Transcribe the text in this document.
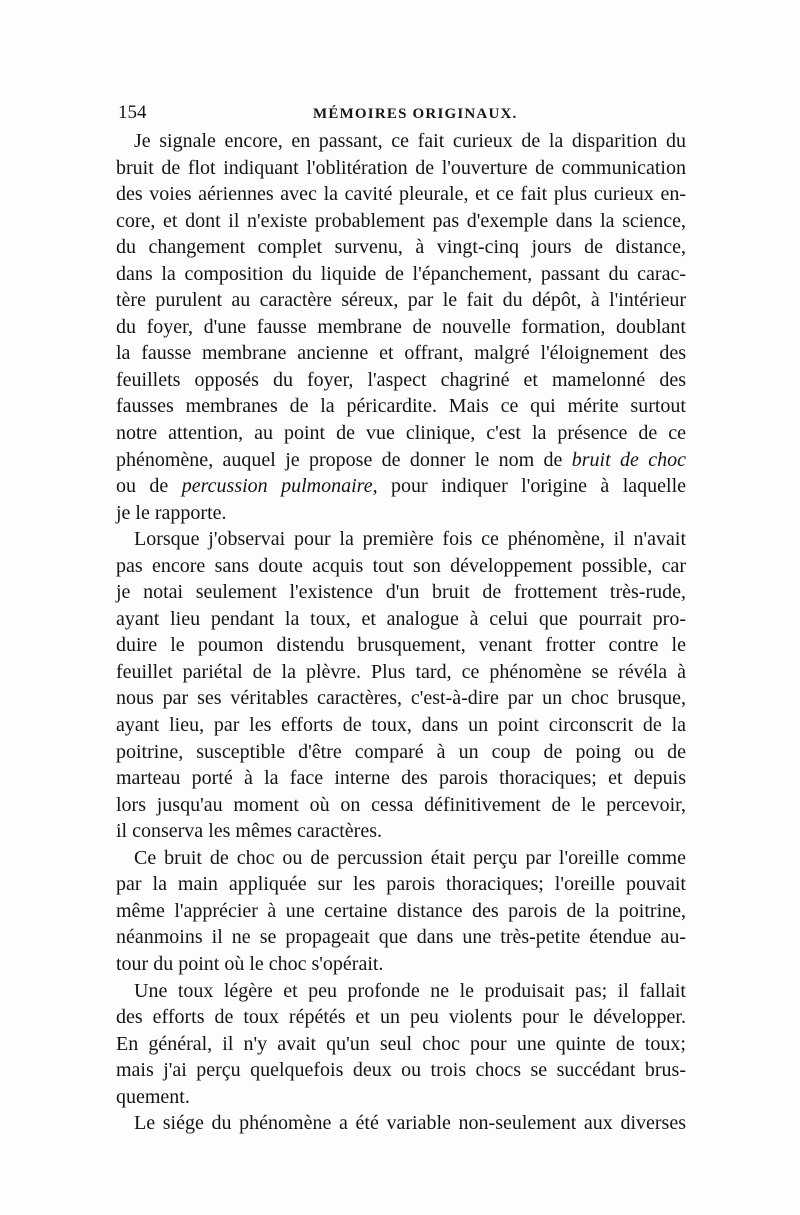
154	MÉMOIRES ORIGINAUX.

Je signale encore, en passant, ce fait curieux de la disparition du
bruit de flot indiquant l'oblitération de l'ouverture de communication
des voies aériennes avec la cavité pleurale, et ce fait plus curieux en-
core, et dont il n'existe probablement pas d'exemple dans la science,
du changement complet survenu, à vingt-cinq jours de distance,
dans la composition du liquide de l'épanchement, passant du carac-
tère purulent au caractère séreux, par le fait du dépôt, à l'intérieur
du foyer, d'une fausse membrane de nouvelle formation, doublant
la fausse membrane ancienne et offrant, malgré l'éloignement des
feuillets opposés du foyer, l'aspect chagriné et mamelonné des
fausses membranes de la péricardite. Mais ce qui mérite surtout
notre attention, au point de vue clinique, c'est la présence de ce
phénomène, auquel je propose de donner le nom de bruit de choc
ou de percussion pulmonaire, pour indiquer l'origine à laquelle
je le rapporte.

Lorsque j'observai pour la première fois ce phénomène, il n'avait
pas encore sans doute acquis tout son développement possible, car
je notai seulement l'existence d'un bruit de frottement très-rude,
ayant lieu pendant la toux, et analogue à celui que pourrait pro-
duire le poumon distendu brusquement, venant frotter contre le
feuillet pariétal de la plèvre. Plus tard, ce phénomène se révéla à
nous par ses véritables caractères, c'est-à-dire par un choc brusque,
ayant lieu, par les efforts de toux, dans un point circonscrit de la
poitrine, susceptible d'être comparé à un coup de poing ou de
marteau porté à la face interne des parois thoraciques; et depuis
lors jusqu'au moment où on cessa définitivement de le percevoir,
il conserva les mêmes caractères.

Ce bruit de choc ou de percussion était perçu par l'oreille comme
par la main appliquée sur les parois thoraciques; l'oreille pouvait
même l'apprécier à une certaine distance des parois de la poitrine,
néanmoins il ne se propageait que dans une très-petite étendue au-
tour du point où le choc s'opérait.

Une toux légère et peu profonde ne le produisait pas; il fallait
des efforts de toux répétés et un peu violents pour le développer.
En général, il n'y avait qu'un seul choc pour une quinte de toux;
mais j'ai perçu quelquefois deux ou trois chocs se succédant brus-
quement.

Le siége du phénomène a été variable non-seulement aux diverses
